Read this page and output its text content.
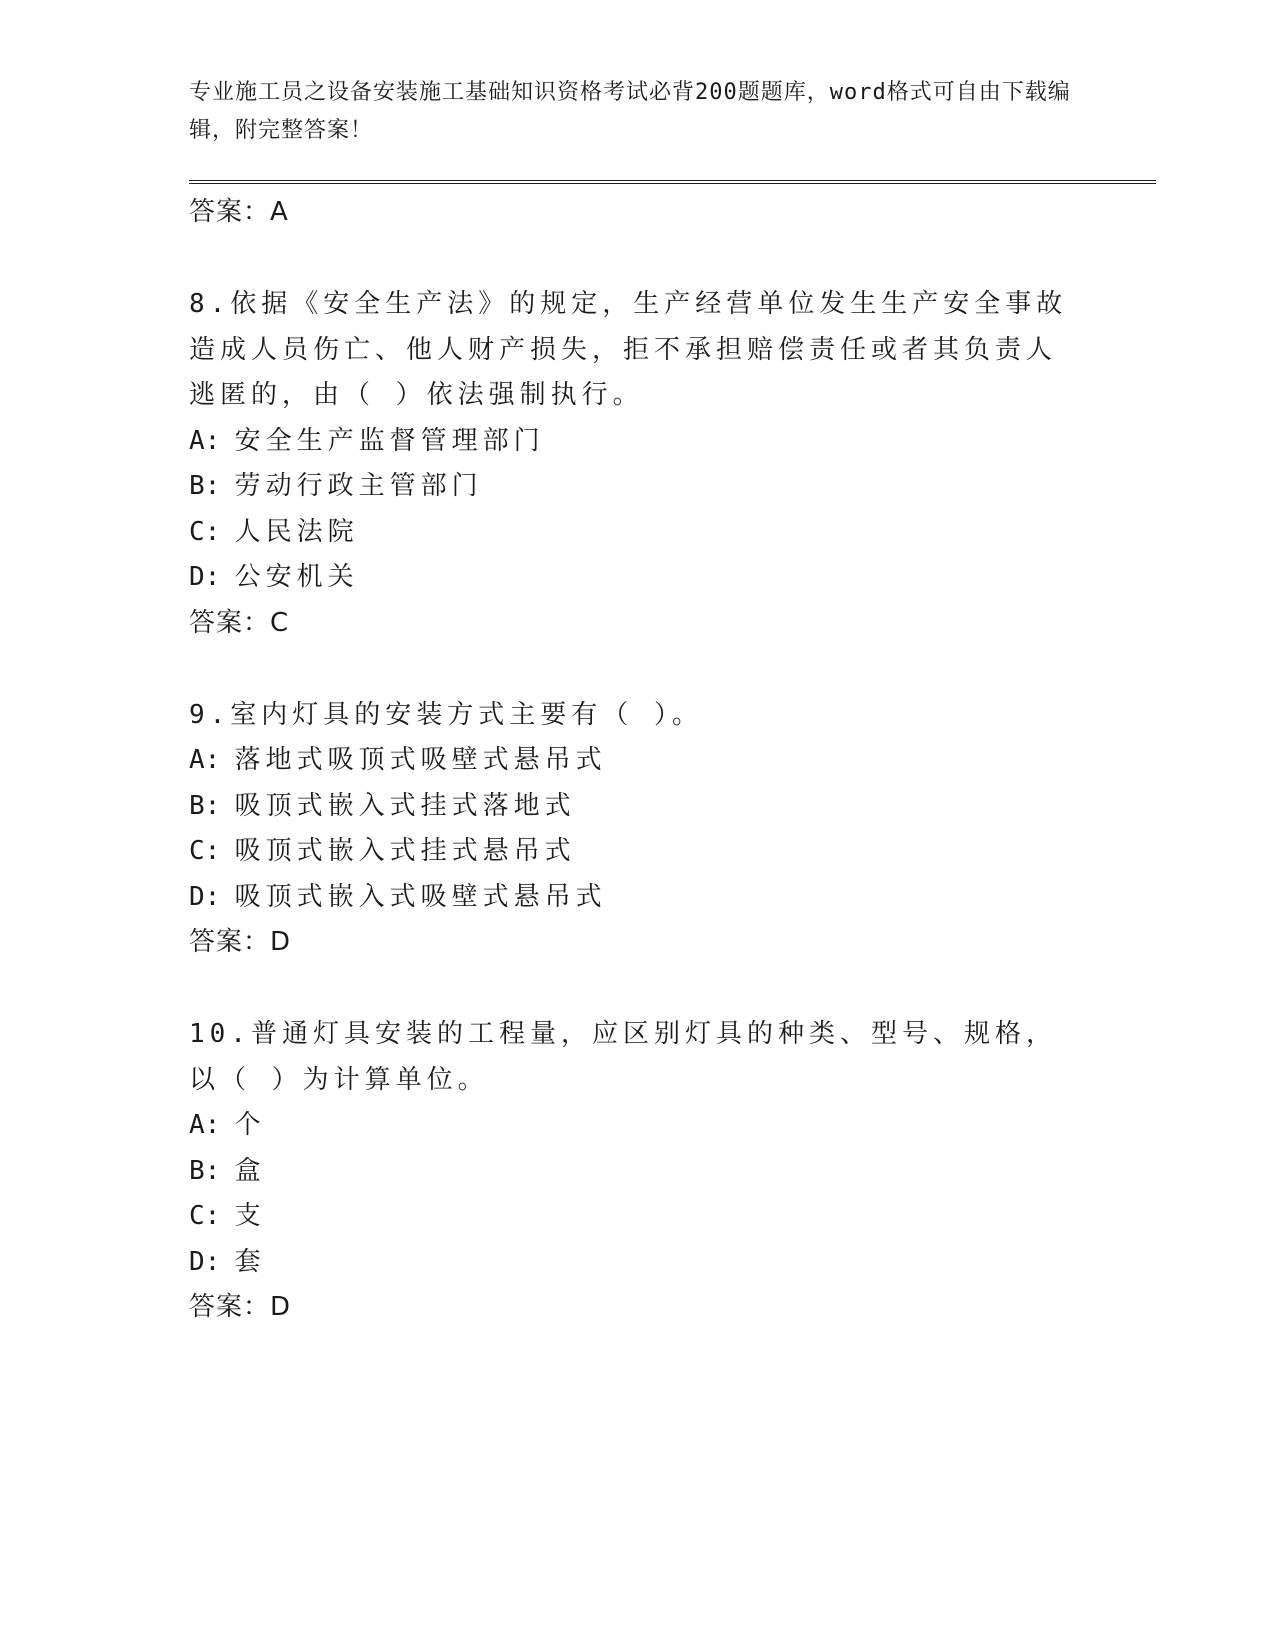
专业施工员之设备安装施工基础知识资格考试必背200题题库，word格式可自由下载编辑，附完整答案！

答案：A

8.依据《安全生产法》的规定，生产经营单位发生生产安全事故造成人员伤亡、他人财产损失，拒不承担赔偿责任或者其负责人逃匿的，由（ ）依法强制执行。

A: 安全生产监督管理部门

B: 劳动行政主管部门

C: 人民法院

D: 公安机关

答案：C

9.室内灯具的安装方式主要有（ ）。

A: 落地式吸顶式吸壁式悬吊式

B: 吸顶式嵌入式挂式落地式

C: 吸顶式嵌入式挂式悬吊式

D: 吸顶式嵌入式吸壁式悬吊式

答案：D

10.普通灯具安装的工程量，应区别灯具的种类、型号、规格，以（ ）为计算单位。

A: 个

B: 盒

C: 支

D: 套

答案：D
